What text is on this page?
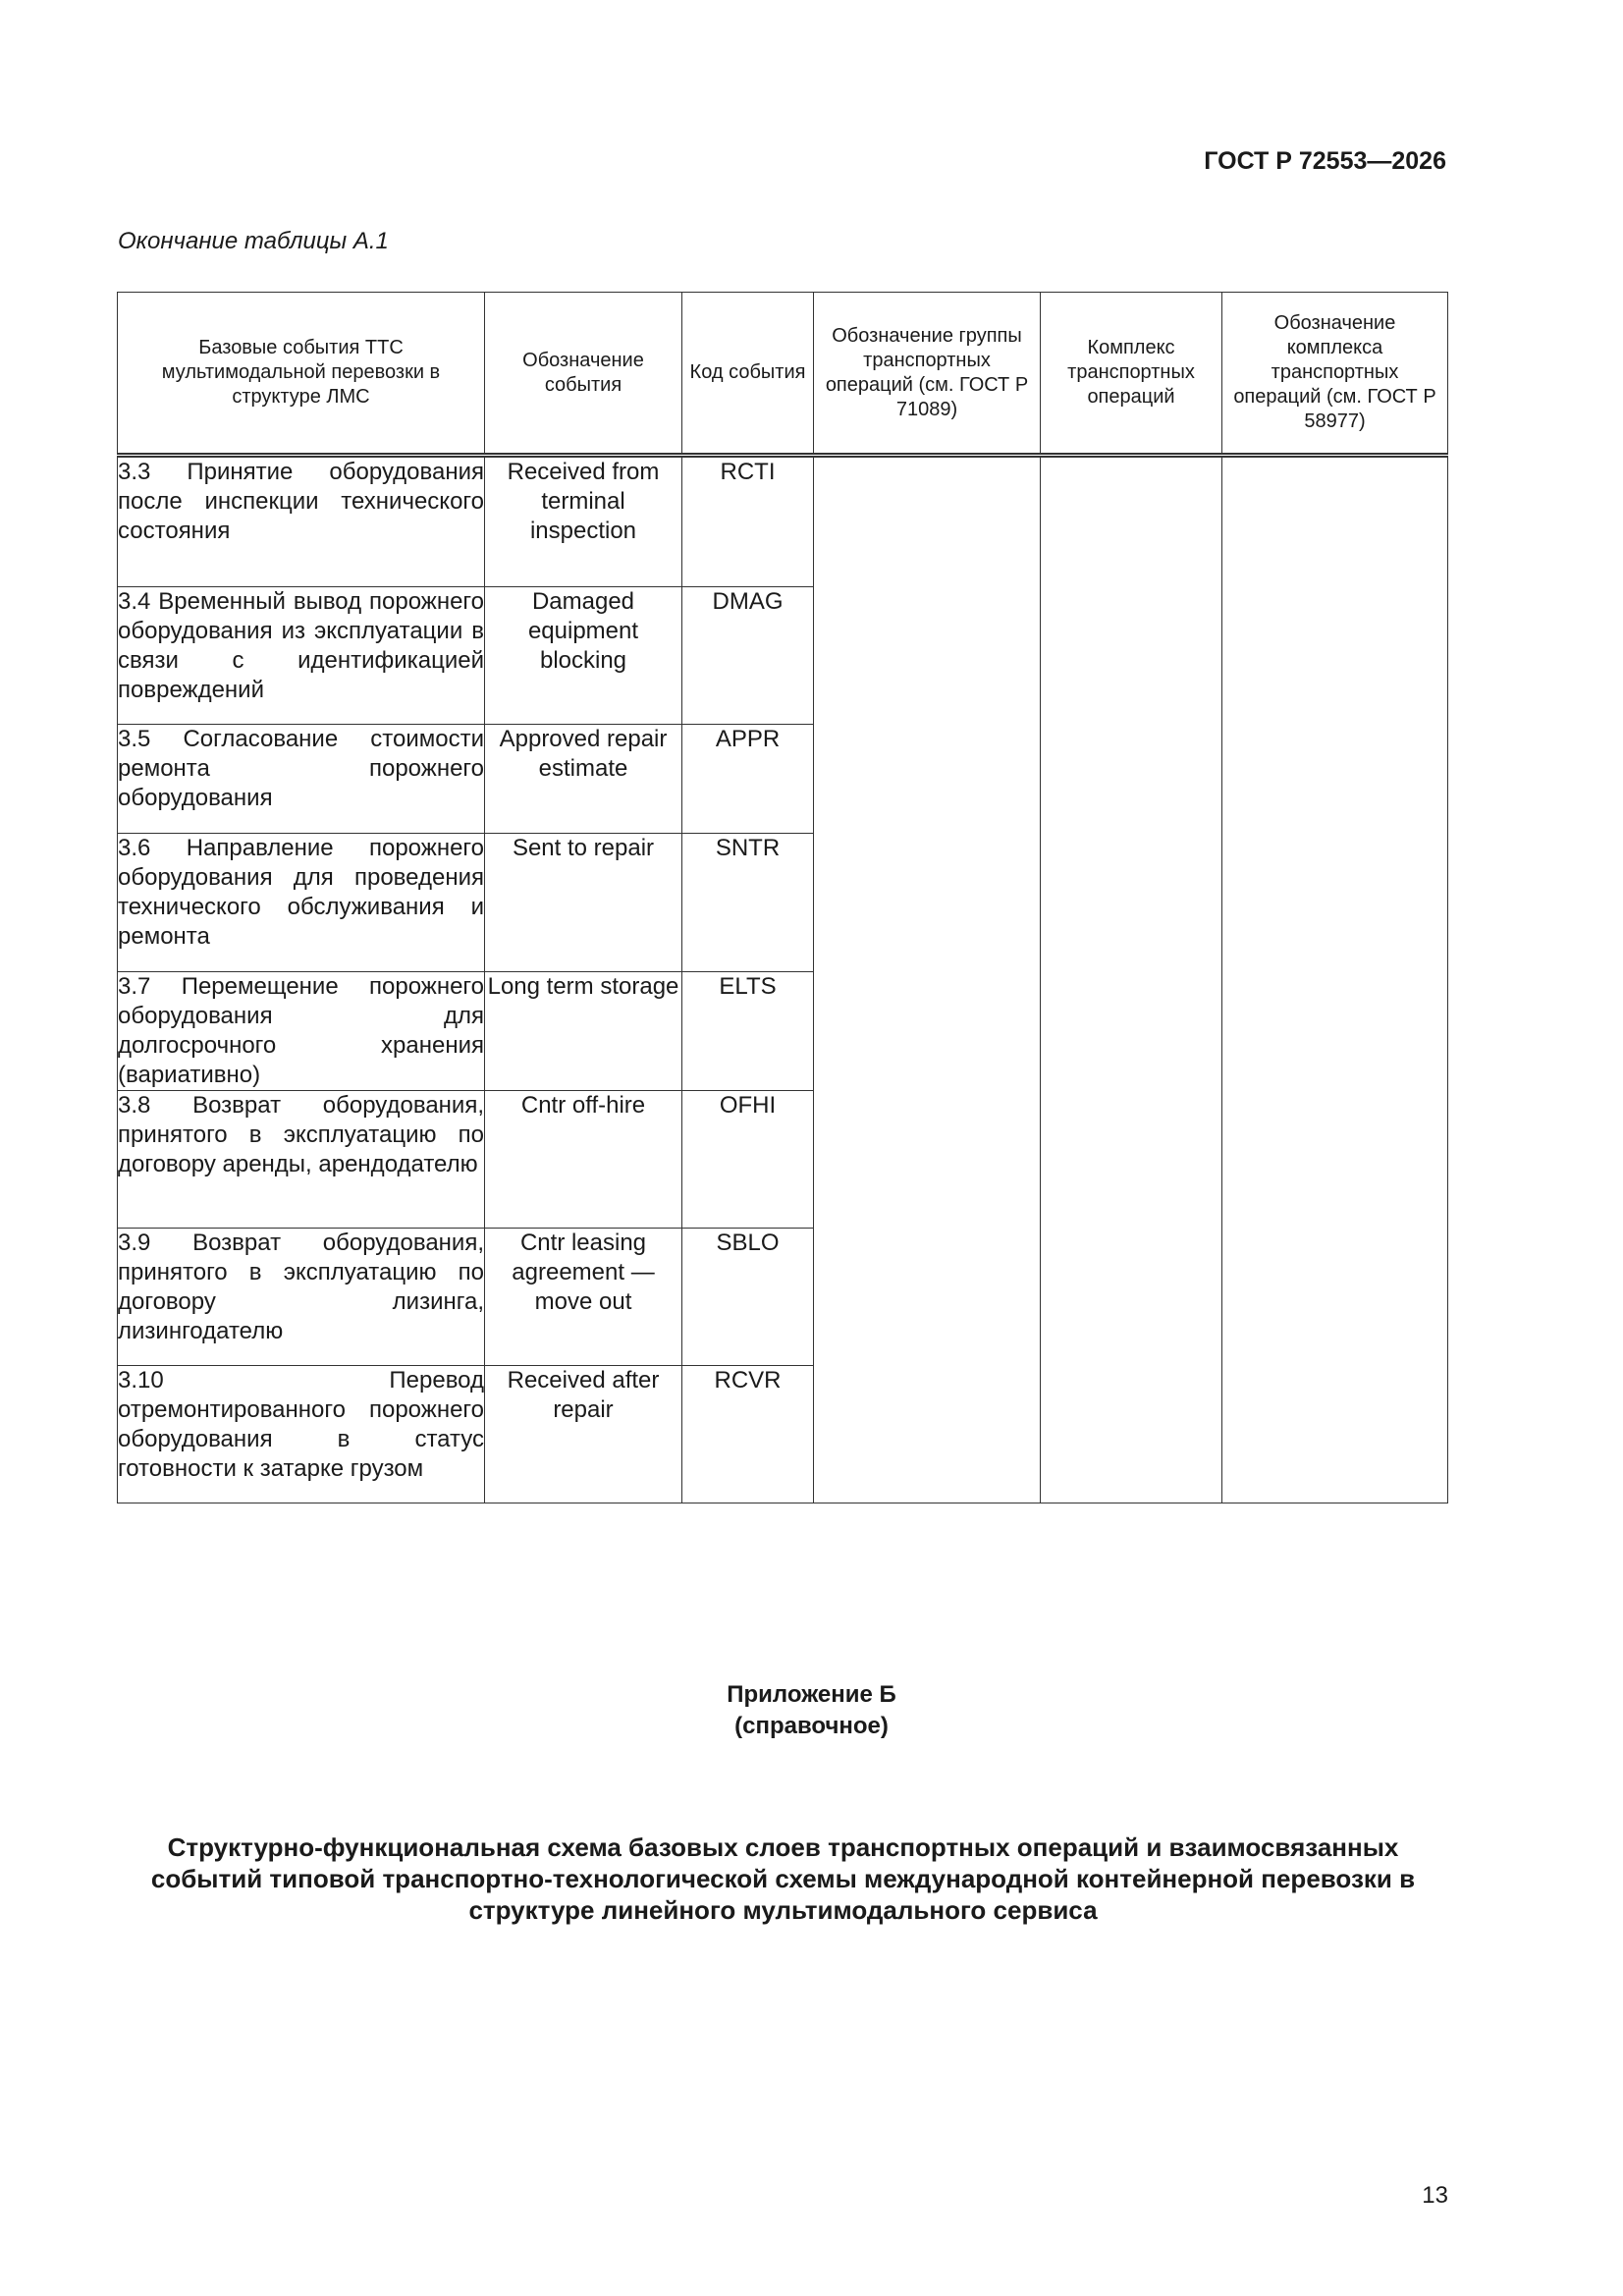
ГОСТ Р 72553—2026
Окончание таблицы А.1
Базовые события ТТС мультимодальной перевозки в структуре ЛМС	Обозначение события	Код события	Обозначение группы транспортных операций (см. ГОСТ Р 71089)	Комплекс транспортных операций	Обозначение комплекса транспортных операций (см. ГОСТ Р 58977)
3.3 Принятие оборудования после инспекции технического состояния	Received from terminal inspection	RCTI			
3.4 Временный вывод порожнего оборудования из эксплуатации в связи с идентификацией повреждений	Damaged equipment blocking	DMAG			
3.5 Согласование стоимости ремонта порожнего оборудования	Approved repair estimate	APPR			
3.6 Направление порожнего оборудования для проведения технического обслуживания и ремонта	Sent to repair	SNTR			
3.7 Перемещение порожнего оборудования для долгосрочного хранения (вариативно)	Long term storage	ELTS			
3.8 Возврат оборудования, принятого в эксплуатацию по договору аренды, арендодателю	Cntr off-hire	OFHI			
3.9 Возврат оборудования, принятого в эксплуатацию по договору лизинга, лизингодателю	Cntr leasing agreement — move out	SBLO			
3.10 Перевод отремонтированного порожнего оборудования в статус готовности к затарке грузом	Received after repair	RCVR			
Приложение Б
(справочное)
Структурно-функциональная схема базовых слоев транспортных операций и взаимосвязанных событий типовой транспортно-технологической схемы международной контейнерной перевозки в структуре линейного мультимодального сервиса
13
